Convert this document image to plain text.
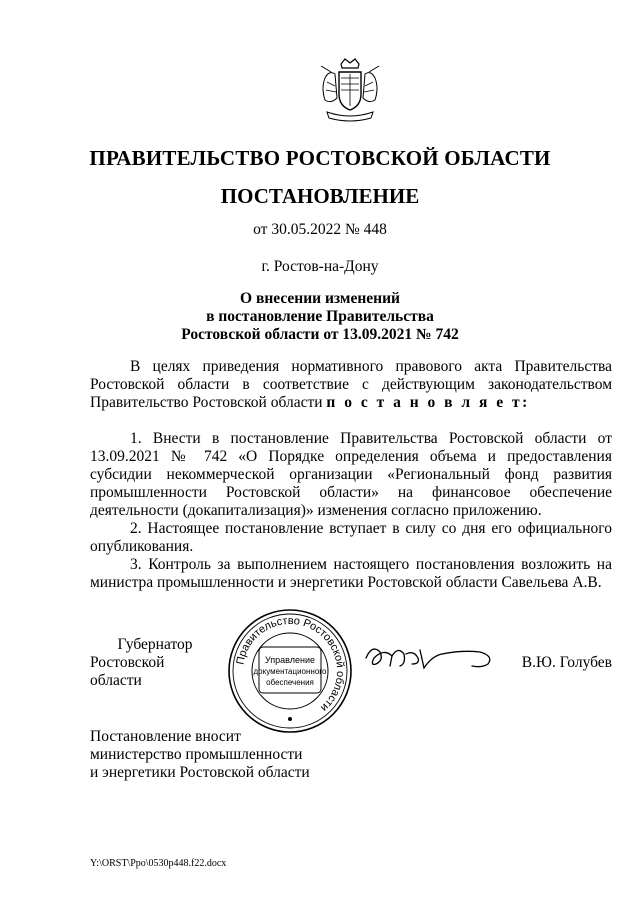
ПРАВИТЕЛЬСТВО РОСТОВСКОЙ ОБЛАСТИ
ПОСТАНОВЛЕНИЕ
от 30.05.2022 № 448
г. Ростов-на-Дону
О внесении изменений
в постановление Правительства
Ростовской области от 13.09.2021 № 742

В целях приведения нормативного правового акта Правительства Ростовской области в соответствие с действующим законодательством Правительство Ростовской области п о с т а н о в л я е т:

1. Внести в постановление Правительства Ростовской области от 13.09.2021 № 742 «О Порядке определения объема и предоставления субсидии некоммерческой организации «Региональный фонд развития промышленности Ростовской области» на финансовое обеспечение деятельности (докапитализация)» изменения согласно приложению.

2. Настоящее постановление вступает в силу со дня его официального опубликования.

3. Контроль за выполнением настоящего постановления возложить на министра промышленности и энергетики Ростовской области Савельева А.В.

Губернатор
Ростовской области
Правительство Ростовской области
Управление
документационного
обеспечения
В.Ю. Голубев
Постановление вносит
министерство промышленности
и энергетики Ростовской области
Y:\ORST\Ppo\0530p448.f22.docx
